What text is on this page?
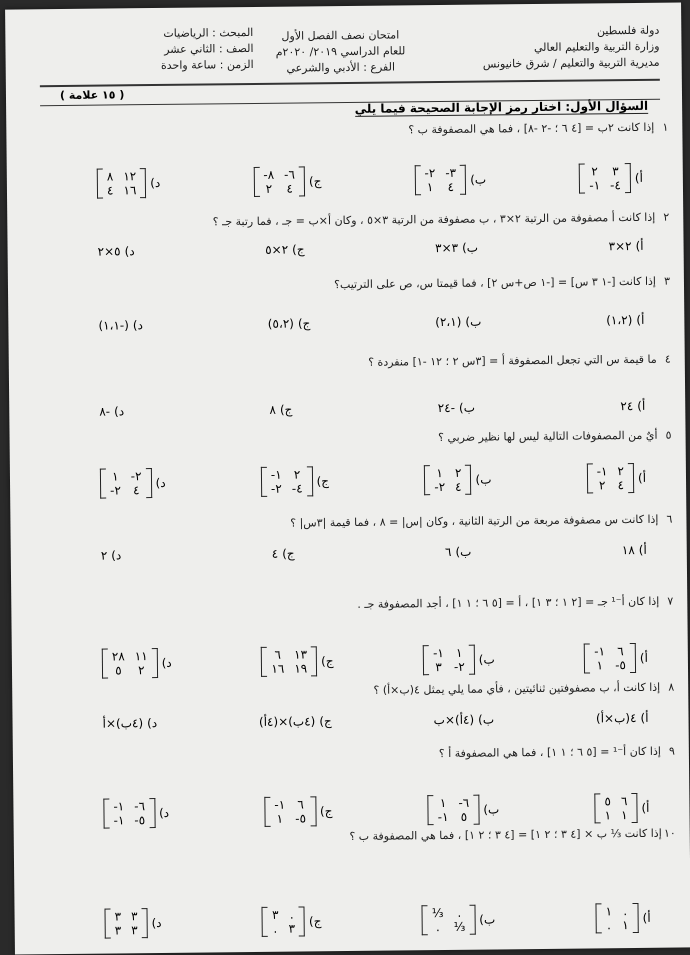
دولة فلسطين
وزارة التربية والتعليم العالي
مديرية التربية والتعليم / شرق خانيونس
امتحان نصف الفصل الأول
للعام الدراسي ٢٠١٩/ ٢٠٢٠م
الفرع : الأدبي والشرعي
المبحث : الرياضيات
الصف : الثاني عشر
الزمن : ساعة واحدة
( ١٥ علامة )
السؤال الأول: اختار رمز الإجابة الصحيحة فيما يلي
١
إذا كانت ٢ب = [٤ ٦ ؛ -٢ -٨] ، فما هي المصفوفة ب ؟
أ)
٢ ٣
-١ -٤
ب)
-٢ -٣
١ ٤
ج)
-٨ -٦
٢ ٤
د)
٨ ١٢
٤ ١٦
٢
إذا كانت أ مصفوفة من الرتبة ٢×٣ ، ب مصفوفة من الرتبة ٣×٥ ، وكان أ×ب = جـ ، فما رتبة جـ ؟
أ)
٢×٣
ب)
٣×٣
ج)
٢×٥
د)
٥×٢
٣
إذا كانت [-١ ٣ س] = [-١ ص+س ٢] ، فما قيمتا س، ص على الترتيب؟
أ)
(١،٢)
ب)
(٢،١)
ج)
(٥،٢)
د)
(-١،١)
٤
ما قيمة س التي تجعل المصفوفة أ = [٣س ٢ ؛ ١٢ -١] منفردة ؟
أ)
٢٤
ب)
-٢٤
ج)
٨
د)
-٨
٥
أيٌ من المصفوفات التالية ليس لها نظير ضربي ؟
أ)
-١ ٢
٢ ٤
ب)
١ ٢
-٢ ٤
ج)
-١ ٢
-٢ -٤
د)
١ -٢
-٢ ٤
٦
إذا كانت س مصفوفة مربعة من الرتبة الثانية ، وكان |س| = ٨ ، فما قيمة |٣س| ؟
أ)
١٨
ب)
٦
ج)
٤
د)
٢
٧
إذا كان أ⁻¹ جـ = [٢ ١ ؛ ٣ ١] ، أ = [٥ ٦ ؛ ١ ١] ، أجد المصفوفة جـ .
أ)
-١ ٦
١ -٥
ب)
-١ ١
٣ -٢
ج)
٦ ١٣
١٦ ١٩
د)
٢٨ ١١
٥ ٢
٨
إذا كانت أ، ب مصفوفتين ثنائيتين ، فأي مما يلي يمثل ٤(ب×أ) ؟
أ)
٤(ب×أ)
ب)
(٤أ)×ب
ج)
(٤ب)×(٤أ)
د)
(٤ب)×أ
٩
إذا كان أ⁻¹ = [٥ ٦ ؛ ١ ١] ، فما هي المصفوفة أ ؟
أ)
٥ ٦
١ ١
ب)
١ -٦
-١ ٥
ج)
-١ ٦
١ -٥
د)
-١ -٦
-١ -٥
١٠
إذا كانت ⅓ ب × [٤ ٣ ؛ ٢ ١] = [٤ ٣ ؛ ٢ ١] ، فما هي المصفوفة ب ؟
أ)
١ .
. ١
ب)
⅓	.
.	⅓
ج)
٣ .
. ٣
د)
٣ ٣
٣ ٣
